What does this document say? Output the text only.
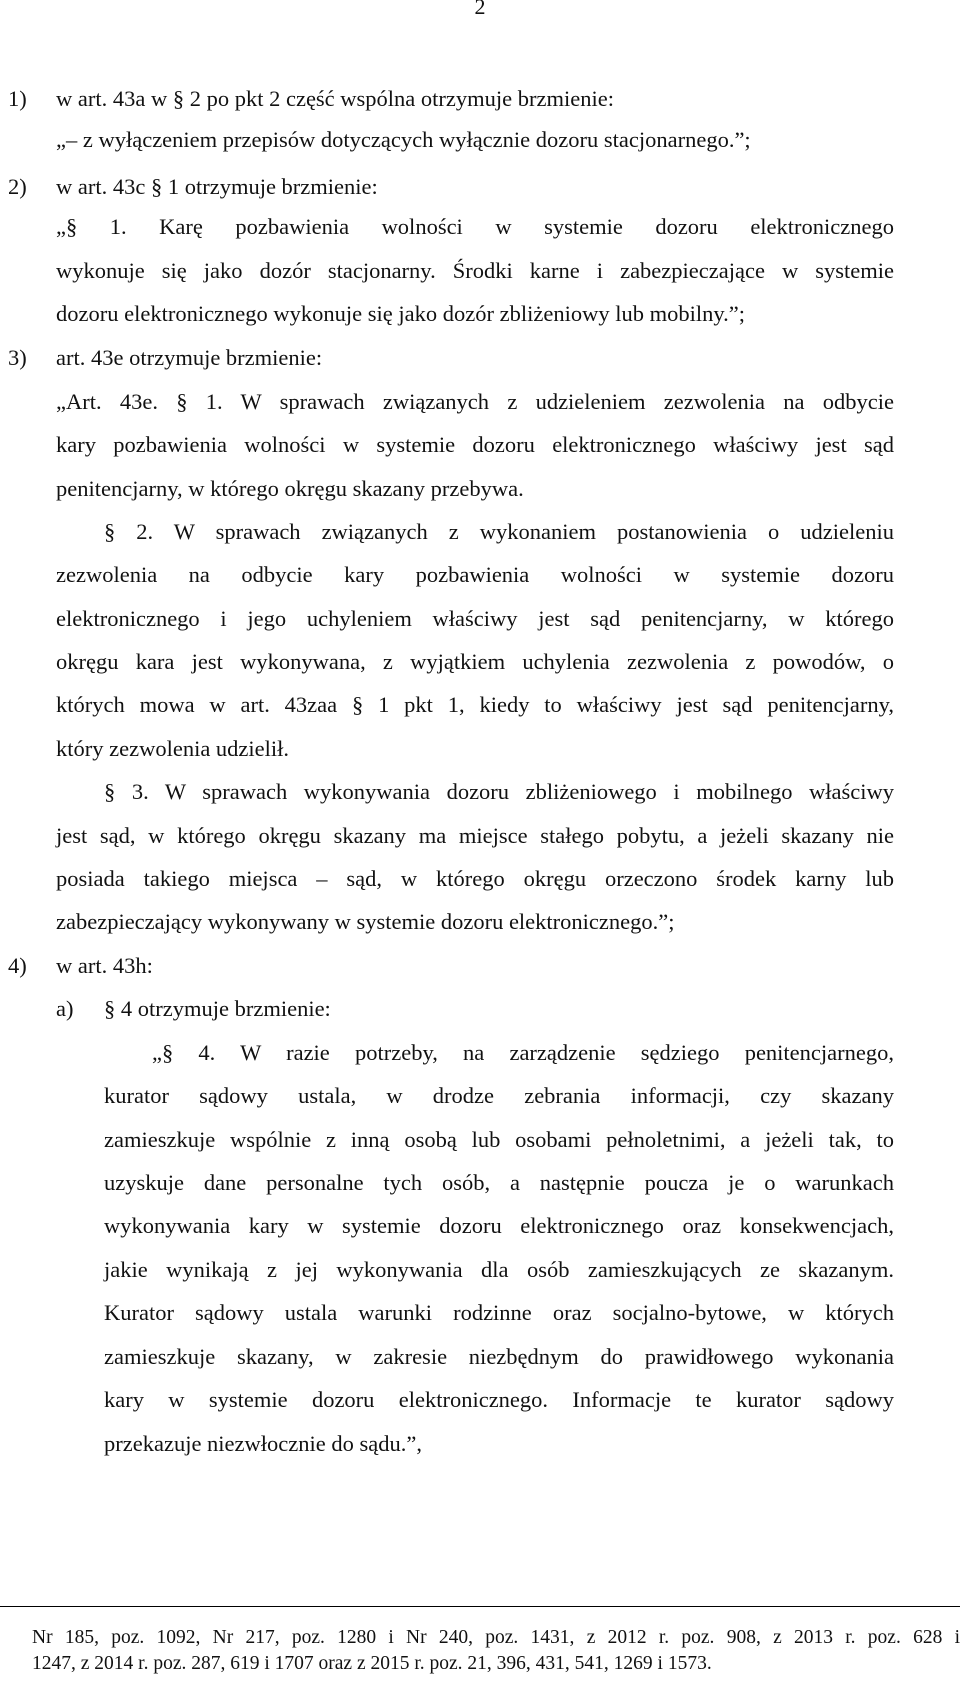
2
1) w art. 43a w § 2 po pkt 2 część wspólna otrzymuje brzmienie:
„– z wyłączeniem przepisów dotyczących wyłącznie dozoru stacjonarnego.”;
2) w art. 43c § 1 otrzymuje brzmienie:
„§ 1. Karę pozbawienia wolności w systemie dozoru elektronicznego
wykonuje się jako dozór stacjonarny. Środki karne i zabezpieczające w systemie
dozoru elektronicznego wykonuje się jako dozór zbliżeniowy lub mobilny.”;
3) art. 43e otrzymuje brzmienie:
„Art. 43e. § 1. W sprawach związanych z udzieleniem zezwolenia na odbycie
kary pozbawienia wolności w systemie dozoru elektronicznego właściwy jest sąd
penitencjarny, w którego okręgu skazany przebywa.
§ 2. W sprawach związanych z wykonaniem postanowienia o udzieleniu
zezwolenia na odbycie kary pozbawienia wolności w systemie dozoru
elektronicznego i jego uchyleniem właściwy jest sąd penitencjarny, w którego
okręgu kara jest wykonywana, z wyjątkiem uchylenia zezwolenia z powodów, o
których mowa w art. 43zaa § 1 pkt 1, kiedy to właściwy jest sąd penitencjarny,
który zezwolenia udzielił.
§ 3. W sprawach wykonywania dozoru zbliżeniowego i mobilnego właściwy
jest sąd, w którego okręgu skazany ma miejsce stałego pobytu, a jeżeli skazany nie
posiada takiego miejsca – sąd, w którego okręgu orzeczono środek karny lub
zabezpieczający wykonywany w systemie dozoru elektronicznego.”;
4) w art. 43h:
a) § 4 otrzymuje brzmienie:
„§ 4. W razie potrzeby, na zarządzenie sędziego penitencjarnego,
kurator sądowy ustala, w drodze zebrania informacji, czy skazany
zamieszkuje wspólnie z inną osobą lub osobami pełnoletnimi, a jeżeli tak, to
uzyskuje dane personalne tych osób, a następnie poucza je o warunkach
wykonywania kary w systemie dozoru elektronicznego oraz konsekwencjach,
jakie wynikają z jej wykonywania dla osób zamieszkujących ze skazanym.
Kurator sądowy ustala warunki rodzinne oraz socjalno-bytowe, w których
zamieszkuje skazany, w zakresie niezbędnym do prawidłowego wykonania
kary w systemie dozoru elektronicznego. Informacje te kurator sądowy
przekazuje niezwłocznie do sądu.”,
Nr 185, poz. 1092, Nr 217, poz. 1280 i Nr 240, poz. 1431, z 2012 r. poz. 908, z 2013 r. poz. 628 i
1247, z 2014 r. poz. 287, 619 i 1707 oraz z 2015 r. poz. 21, 396, 431, 541, 1269 i 1573.
